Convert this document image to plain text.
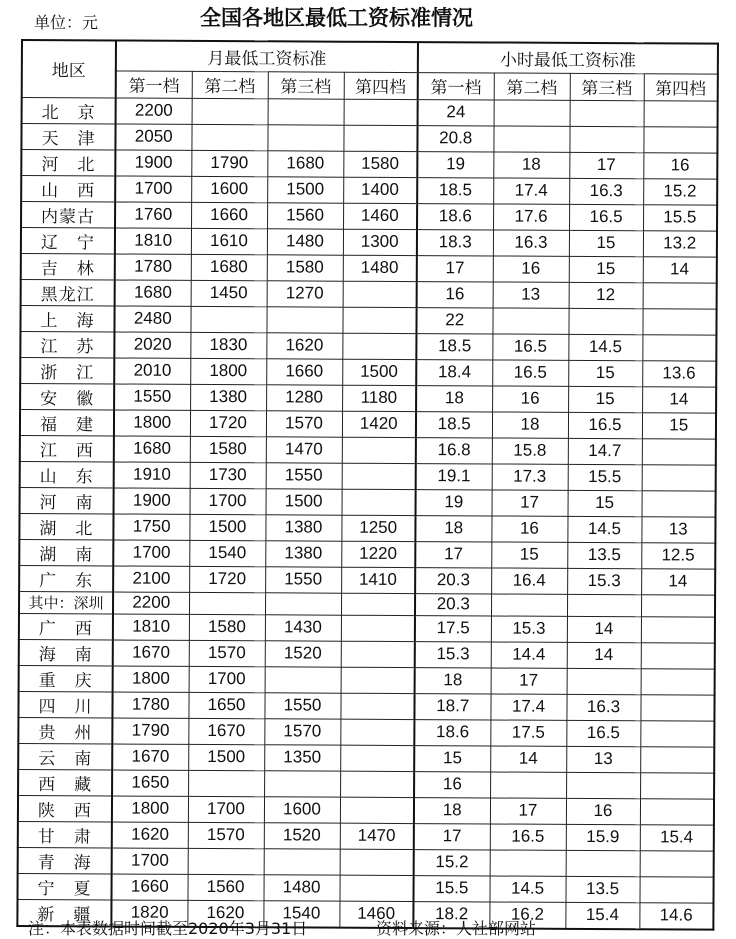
单位：元	全国各地区最低工资标准情况
地区	月最低工资标准				小时最低工资标准			
	第一档	第二档	第三档	第四档	第一档	第二档	第三档	第四档
北　京	2200				24			
天　津	2050				20.8			
河　北	1900	1790	1680	1580	19	18	17	16
山　西	1700	1600	1500	1400	18.5	17.4	16.3	15.2
内蒙古	1760	1660	1560	1460	18.6	17.6	16.5	15.5
辽　宁	1810	1610	1480	1300	18.3	16.3	15	13.2
吉　林	1780	1680	1580	1480	17	16	15	14
黑龙江	1680	1450	1270		16	13	12	
上　海	2480				22			
江　苏	2020	1830	1620		18.5	16.5	14.5	
浙　江	2010	1800	1660	1500	18.4	16.5	15	13.6
安　徽	1550	1380	1280	1180	18	16	15	14
福　建	1800	1720	1570	1420	18.5	18	16.5	15
江　西	1680	1580	1470		16.8	15.8	14.7	
山　东	1910	1730	1550		19.1	17.3	15.5	
河　南	1900	1700	1500		19	17	15	
湖　北	1750	1500	1380	1250	18	16	14.5	13
湖　南	1700	1540	1380	1220	17	15	13.5	12.5
广　东	2100	1720	1550	1410	20.3	16.4	15.3	14
其中：深圳	2200				20.3			
广　西	1810	1580	1430		17.5	15.3	14	
海　南	1670	1570	1520		15.3	14.4	14	
重　庆	1800	1700			18	17		
四　川	1780	1650	1550		18.7	17.4	16.3	
贵　州	1790	1670	1570		18.6	17.5	16.5	
云　南	1670	1500	1350		15	14	13	
西　藏	1650				16			
陕　西	1800	1700	1600		18	17	16	
甘　肃	1620	1570	1520	1470	17	16.5	15.9	15.4
青　海	1700				15.2			
宁　夏	1660	1560	1480		15.5	14.5	13.5	
新　疆	1820	1620	1540	1460	18.2	16.2	15.4	14.6
注：本表数据时间截至2020年3月31日	资料来源：人社部网站
